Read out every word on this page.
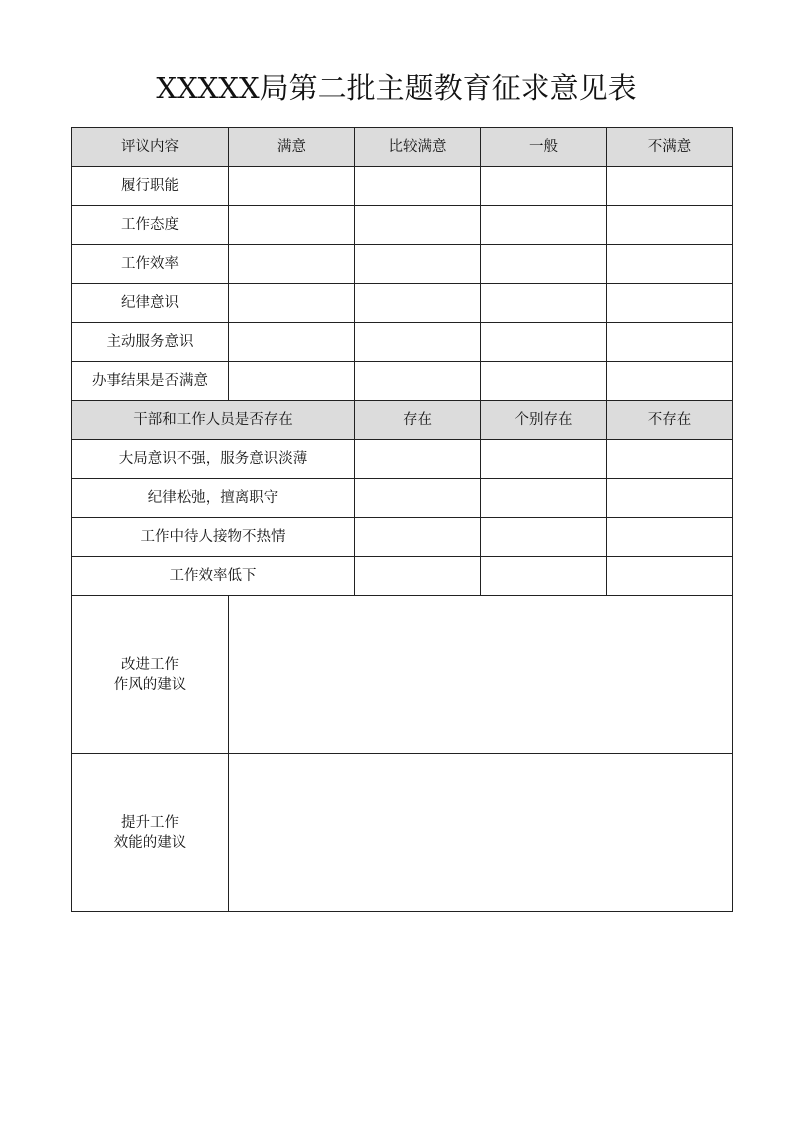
XXXXX局第二批主题教育征求意见表
评议内容	满意	比较满意	一般	不满意
履行职能				
工作态度				
工作效率				
纪律意识				
主动服务意识				
办事结果是否满意				
干部和工作人员是否存在		存在	个别存在	不存在
大局意识不强，服务意识淡薄				
纪律松弛，擅离职守				
工作中待人接物不热情				
工作效率低下				

改进工作
作风的建议				

提升工作
效能的建议				
